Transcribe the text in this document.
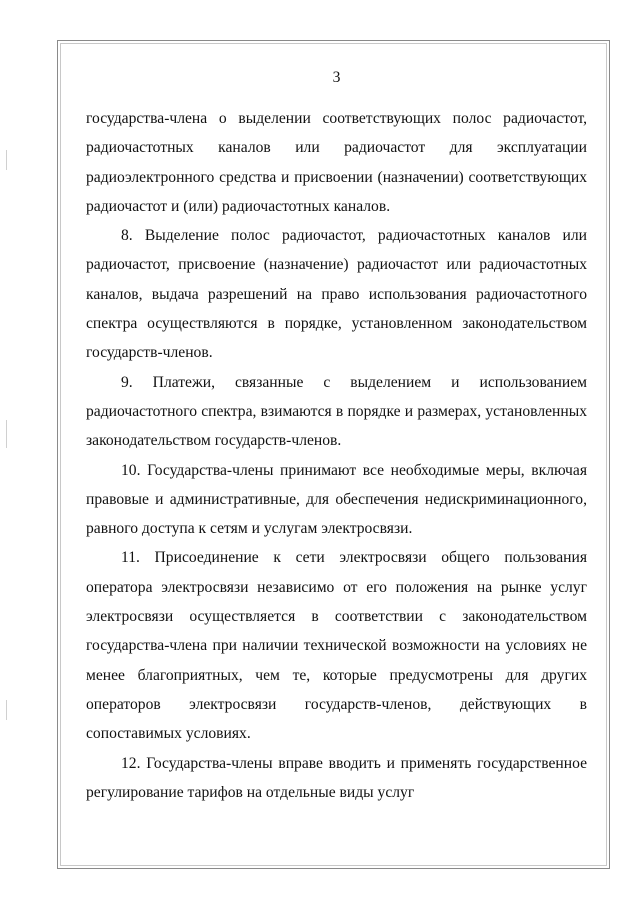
3

государства-члена о выделении соответствующих полос радиочастот, радиочастотных каналов или радиочастот для эксплуатации радиоэлектронного средства и присвоении (назначении) соответствующих радиочастот и (или) радиочастотных каналов.

8. Выделение полос радиочастот, радиочастотных каналов или радиочастот, присвоение (назначение) радиочастот или радиочастотных каналов, выдача разрешений на право использования радиочастотного спектра осуществляются в порядке, установленном законодательством государств-членов.

9. Платежи, связанные с выделением и использованием радиочастотного спектра, взимаются в порядке и размерах, установленных законодательством государств-членов.

10. Государства-члены принимают все необходимые меры, включая правовые и административные, для обеспечения недискриминационного, равного доступа к сетям и услугам электросвязи.

11. Присоединение к сети электросвязи общего пользования оператора электросвязи независимо от его положения на рынке услуг электросвязи осуществляется в соответствии с законодательством государства-члена при наличии технической возможности на условиях не менее благоприятных, чем те, которые предусмотрены для других операторов электросвязи государств-членов, действующих в сопоставимых условиях.

12. Государства-члены вправе вводить и применять государственное регулирование тарифов на отдельные виды услуг
